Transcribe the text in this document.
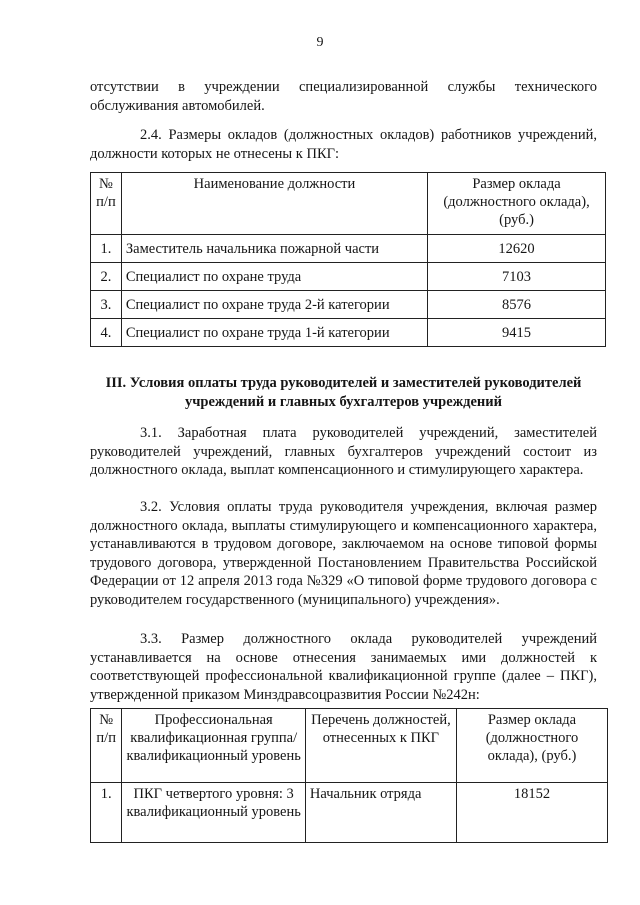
9

отсутствии в учреждении специализированной службы технического обслуживания автомобилей.

2.4. Размеры окладов (должностных окладов) работников учреждений, должности которых не отнесены к ПКГ:

№ п/п	Наименование должности	Размер оклада (должностного оклада), (руб.)
1.	Заместитель начальника пожарной части	12620
2.	Специалист по охране труда	7103
3.	Специалист по охране труда 2-й категории	8576
4.	Специалист по охране труда 1-й категории	9415

III. Условия оплаты труда руководителей и заместителей руководителей учреждений и главных бухгалтеров учреждений

3.1. Заработная плата руководителей учреждений, заместителей руководителей учреждений, главных бухгалтеров учреждений состоит из должностного оклада, выплат компенсационного и стимулирующего характера.

3.2. Условия оплаты труда руководителя учреждения, включая размер должностного оклада, выплаты стимулирующего и компенсационного характера, устанавливаются в трудовом договоре, заключаемом на основе типовой формы трудового договора, утвержденной Постановлением Правительства Российской Федерации от 12 апреля 2013 года №329 «О типовой форме трудового договора с руководителем государственного (муниципального) учреждения».

3.3. Размер должностного оклада руководителей учреждений устанавливается на основе отнесения занимаемых ими должностей к соответствующей профессиональной квалификационной группе (далее – ПКГ), утвержденной приказом Минздравсоцразвития России №242н:

№ п/п	Профессиональная квалификационная группа/ квалификационный уровень	Перечень должностей, отнесенных к ПКГ	Размер оклада (должностного оклада), (руб.)
1.	ПКГ четвертого уровня: 3 квалификационный уровень	Начальник отряда	18152
